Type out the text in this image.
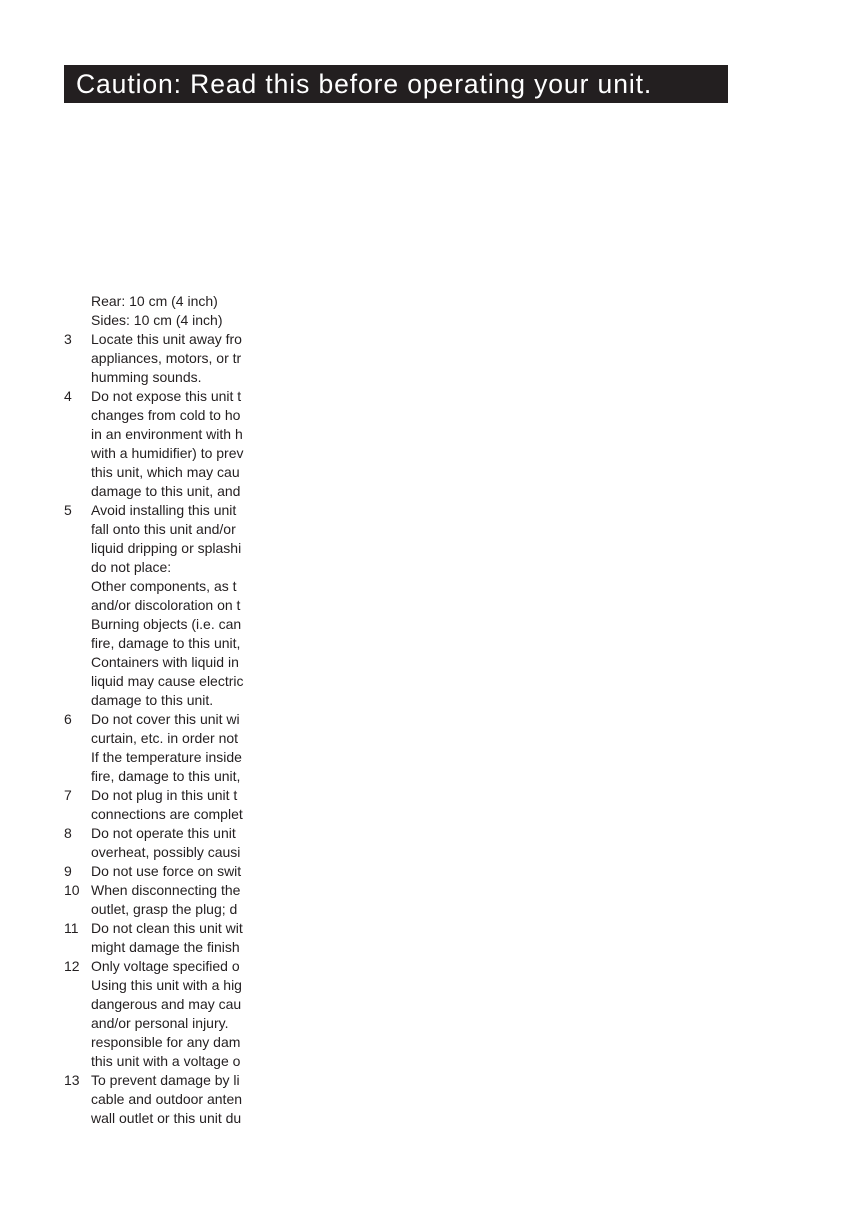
Caution: Read this before operating your unit.
Rear: 10 cm (4 inch)
Sides: 10 cm (4 inch)
3 Locate this unit away fro
appliances, motors, or tr
humming sounds.
4 Do not expose this unit t
changes from cold to ho
in an environment with h
with a humidifier) to prev
this unit, which may cau
damage to this unit, and
5 Avoid installing this unit
fall onto this unit and/or
liquid dripping or splashi
do not place:
Other components, as t
and/or discoloration on t
Burning objects (i.e. can
fire, damage to this unit,
Containers with liquid in
liquid may cause electric
damage to this unit.
6 Do not cover this unit wi
curtain, etc. in order not
If the temperature inside
fire, damage to this unit,
7 Do not plug in this unit t
connections are complet
8 Do not operate this unit
overheat, possibly causi
9 Do not use force on swit
10 When disconnecting the
outlet, grasp the plug; d
11 Do not clean this unit wit
might damage the finish
12 Only voltage specified o
Using this unit with a hig
dangerous and may cau
and/or personal injury.
responsible for any dam
this unit with a voltage o
13 To prevent damage by li
cable and outdoor anten
wall outlet or this unit du
